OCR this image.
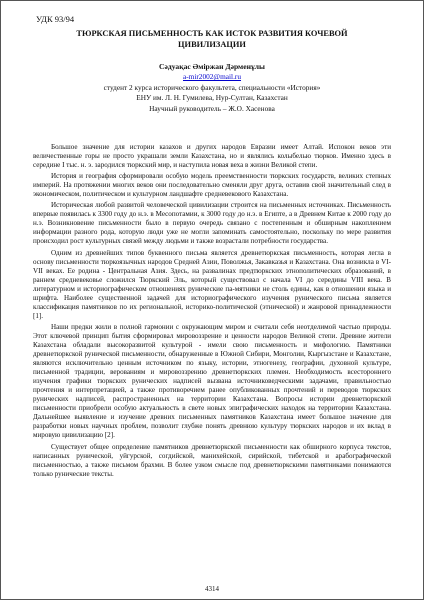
УДК 93/94
ТЮРКСКАЯ ПИСЬМЕННОСТЬ КАК ИСТОК РАЗВИТИЯ КОЧЕВОЙ
ЦИВИЛИЗАЦИИ
Сәдуақас Әміржан Дәрменұлы
a-mir2002@mail.ru
студент 2 курса исторического факультета, специальности «История»
ЕНУ им. Л. Н. Гумилева, Нур-Султан, Казахстан
Научный руководитель – Ж.О. Хасенова

Большое значение для истории казахов и других народов Евразии имеет Алтай. Испокон веков эти величественные горы не просто украшали земли Казахстана, но и являлись колыбелью тюрков. Именно здесь в середине I тыс. н. э. зародился тюркский мир, и наступила новая веха в жизни Великой степи.

История и география сформировали особую модель преемственности тюркских государств, великих степных империй. На протяжении многих веков они последовательно сменяли друг друга, оставив свой значительный след в экономическом, политическом и культурном ландшафте средневекового Казахстана.

Историческая любой развитой человеческой цивилизации строится на письменных источниках. Письменность впервые появилась к 3300 году до н.э. в Месопотамии, к 3000 году до н.э. в Египте, а в Древнем Китае к 2000 году до н.э. Возникновение письменности было в первую очередь связано с постепенным и обширным накоплением информации разного рода, которую люди уже не могли запоминать самостоятельно, поскольку по мере развития происходил рост культурных связей между людьми и также возрастали потребности государства.

Одним из древнейших типов буквенного письма является древнетюркская письменность, которая легла в основу письменности тюркоязычных народов Средней Азии, Поволжья, Закавказья и Казахстана. Она возникла в VI-VII веках. Ее родина - Центральная Азия. Здесь, на развалинах предтюркских этнополитических образований, в раннем средневековье сложился Тюркский Эль, который существовал с начала VI до середины VIII века. В литературном и историографическом отношениях рунические па-мятники не столь едины, как в отношении языка и шрифта. Наиболее существенной задачей для историографического изучения рунического письма является классификация памятников по их региональной, историко-политической (этнической) и жанровой принадлежности [1].

Наши предки жили в полной гармонии с окружающим миром и считали себя неотделимой частью природы. Этот ключевой принцип бытия сформировал мировоззрение и ценности народов Великой степи. Древние жители Казахстана обладали высокоразвитой культурой - имели свою письменность и мифологию. Памятники древнетюркской рунической письменности, обнаруженные в Южной Сибири, Монголии, Кыргызстане и Казахстане, являются исключительно ценным источником по языку, истории, этногенезу, географии, духовной культуре, письменной традиции, верованиям и мировоззрению древнетюркских племен. Необходимость всестороннего изучения графики тюркских рунических надписей вызвана источниковедческими задачами, правильностью прочтения и интерпретацией, а также противоречием ранее опубликованных прочтений и переводов тюркских рунических надписей, распространенных на территории Казахстана. Вопросы истории древнетюркской письменности приобрели особую актуальность в свете новых эпиграфических находок на территории Казахстана. Дальнейшее выявление и изучение древних письменных памятников Казахстана имеет большое значение для разработки новых научных проблем, позволит глубже понять древнюю культуру тюркских народов и их вклад в мировую цивилизацию [2].

Существует общее определение памятников древнетюркской письменности как обширного корпуса текстов, написанных рунической, уйгурской, согдийской, манихейской, сирийской, тибетской и арабографической письменностью, а также письмом брахми. В более узком смысле под древнетюркскими памятниками понимаются только рунические тексты.

4314
